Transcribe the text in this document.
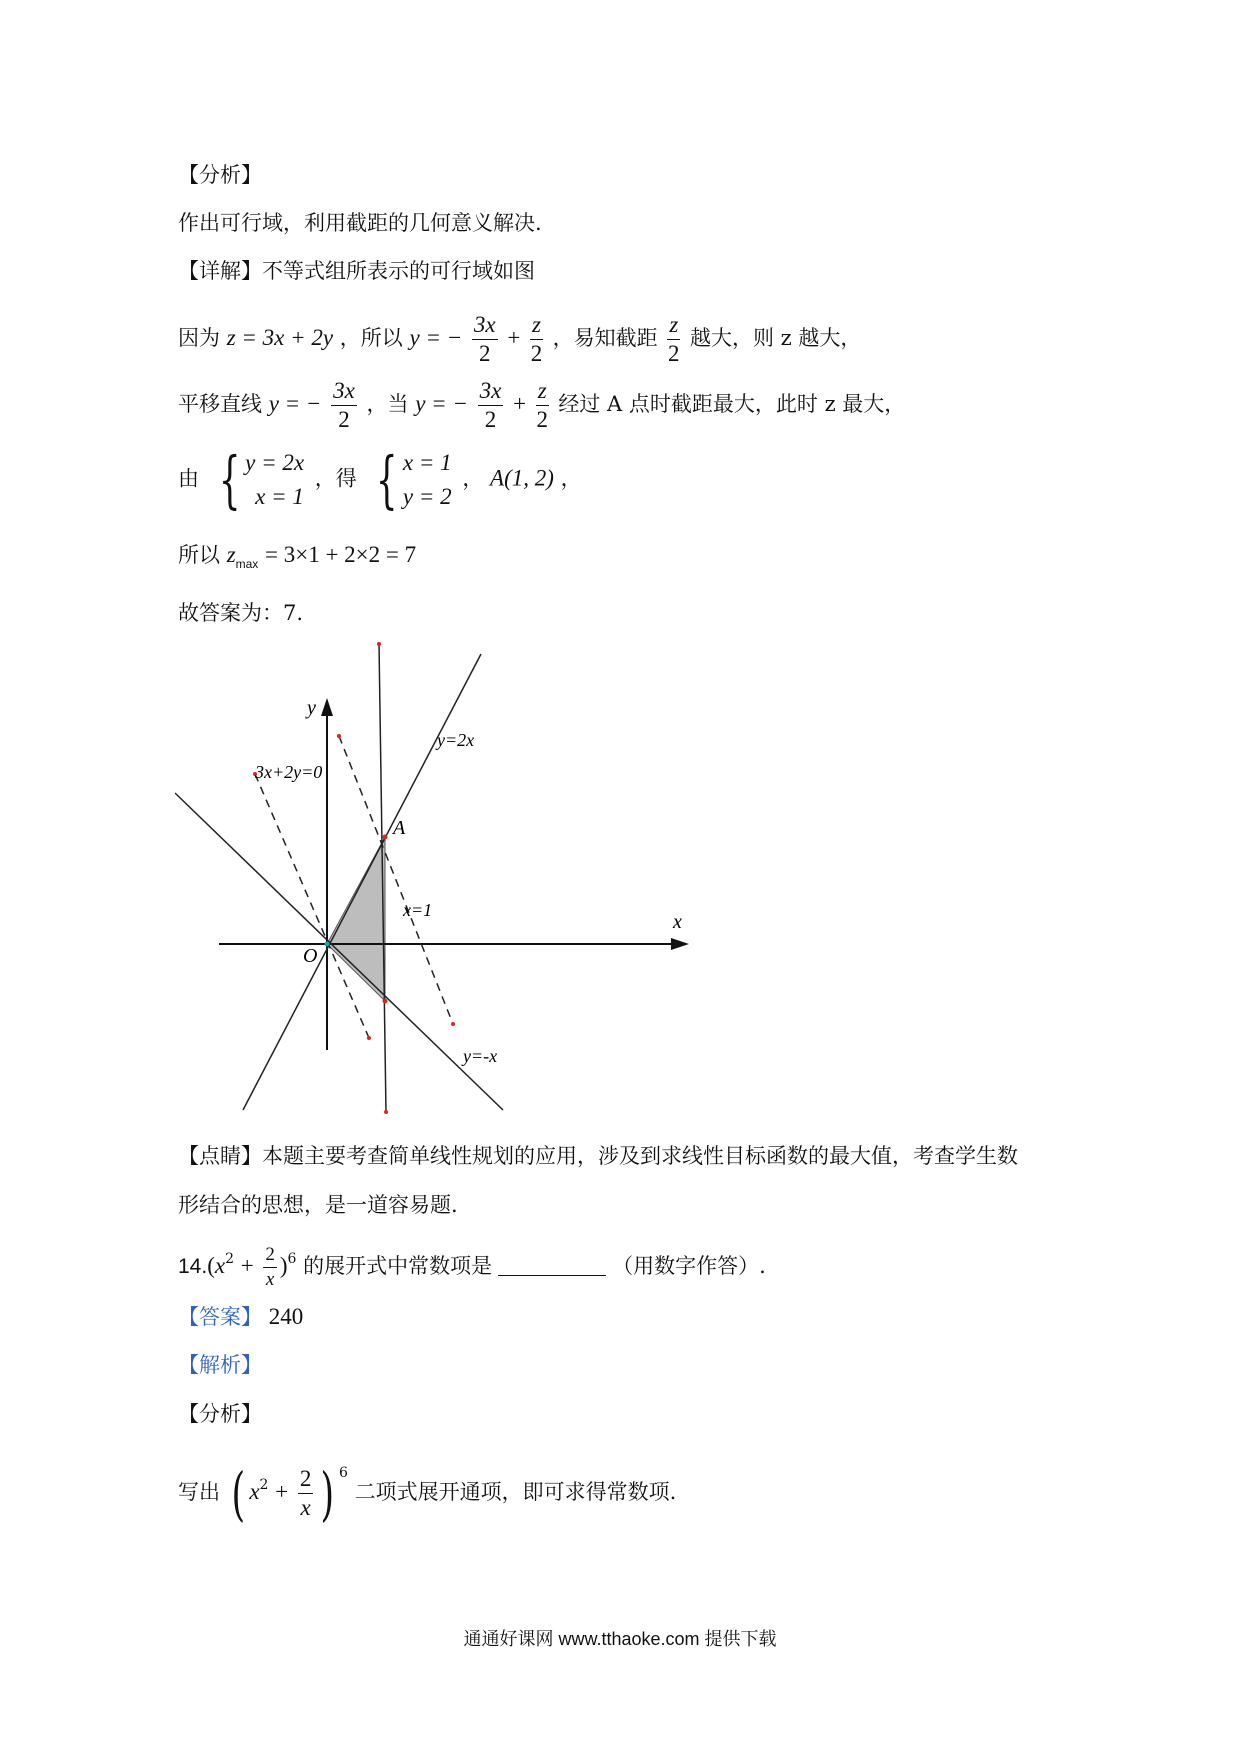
【分析】
作出可行域，利用截距的几何意义解决.
【详解】不等式组所表示的可行域如图
因为 z = 3x + 2y ，所以 y = − $\frac{3x}{2} + \frac{z}{2}$ ，易知截距 $\frac{z}{2}$ 越大，则 z 越大，
平移直线 y = − $\frac{3x}{2}$ ，当 y = − $\frac{3x}{2} + \frac{z}{2}$ 经过 A 点时截距最大，此时 z 最大，
由 { y = 2x
x = 1
，得 { x = 1
y = 2
， A(1, 2) ，
所以 $z_{max} = 3\times 1 + 2\times 2 = 7$
故答案为：7.
y
x
O
A
y=2x
x=1
y=-x
3x+2y=0
【点睛】本题主要考查简单线性规划的应用，涉及到求线性目标函数的最大值，考查学生数
形结合的思想，是一道容易题.
$14.(x^2 + \frac{2}{x} )^6$ 的展开式中常数项是	（用数字作答）.
【答案】 240
【解析】
【分析】
写出 ( $x^2 + \frac{2}{x}$ ) $^6$ 二项式展开通项，即可求得常数项.
通通好课网 www.tthaoke.com 提供下载
